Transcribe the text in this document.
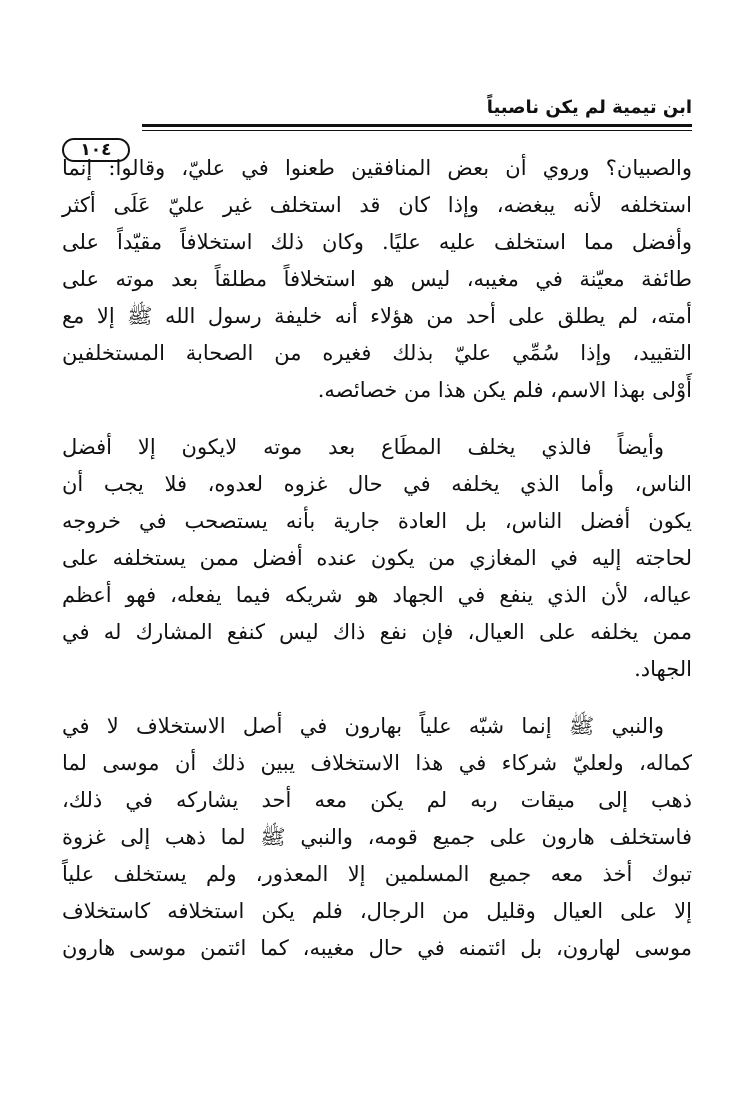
ابن تيمية لم يكن ناصبياً
١٠٤

والصبيان؟ وروي أن بعض المنافقين طعنوا في عليّ، وقالوا: إنما
استخلفه لأنه يبغضه، وإذا كان قد استخلف غير عليّ عَلَى أكثر
وأفضل مما استخلف عليه عليًا. وكان ذلك استخلافاً مقيّداً على
طائفة معيّنة في مغيبه، ليس هو استخلافاً مطلقاً بعد موته على
أمته، لم يطلق على أحد من هؤلاء أنه خليفة رسول الله ﷺ إلا مع
التقييد، وإذا سُمِّي عليّ بذلك فغيره من الصحابة المستخلفين
أَوْلى بهذا الاسم، فلم يكن هذا من خصائصه.

وأيضاً فالذي يخلف المطَاع بعد موته لايكون إلا أفضل
الناس، وأما الذي يخلفه في حال غزوه لعدوه، فلا يجب أن
يكون أفضل الناس، بل العادة جارية بأنه يستصحب في خروجه
لحاجته إليه في المغازي من يكون عنده أفضل ممن يستخلفه على
عياله، لأن الذي ينفع في الجهاد هو شريكه فيما يفعله، فهو أعظم
ممن يخلفه على العيال، فإن نفع ذاك ليس كنفع المشارك له في
الجهاد.

والنبي ﷺ إنما شبّه علياً بهارون في أصل الاستخلاف لا في
كماله، ولعليّ شركاء في هذا الاستخلاف يبين ذلك أن موسى لما
ذهب إلى ميقات ربه لم يكن معه أحد يشاركه في ذلك،
فاستخلف هارون على جميع قومه، والنبي ﷺ لما ذهب إلى غزوة
تبوك أخذ معه جميع المسلمين إلا المعذور، ولم يستخلف علياً
إلا على العيال وقليل من الرجال، فلم يكن استخلافه كاستخلاف
موسى لهارون، بل ائتمنه في حال مغيبه، كما ائتمن موسى هارون
